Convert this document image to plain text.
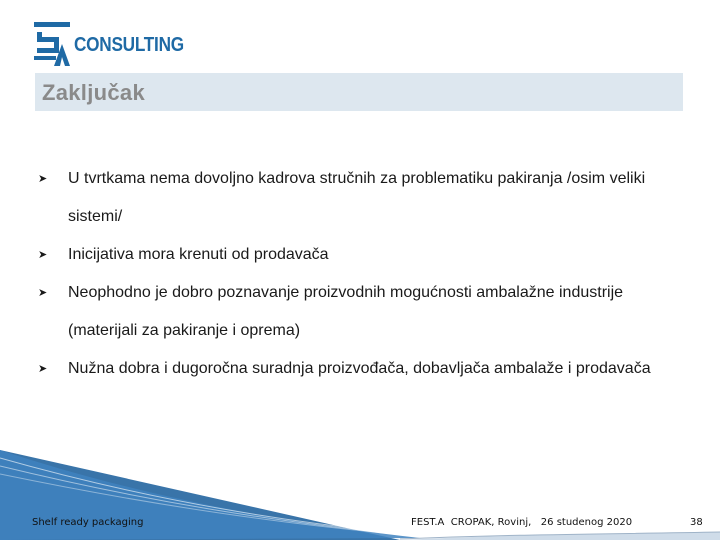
CONSULTING
Zaključak
➤ U tvrtkama nema dovoljno kadrova stručnih za problematiku pakiranja /osim veliki sistemi/
➤ Inicijativa mora krenuti od prodavača
➤ Neophodno je dobro poznavanje proizvodnih mogućnosti ambalažne industrije (materijali za pakiranje i oprema)
➤ Nužna dobra i dugoročna suradnja proizvođača, dobavljača ambalaže i prodavača
Shelf ready packaging	FEST.A  CROPAK, Rovinj,   26 studenog 2020	38
